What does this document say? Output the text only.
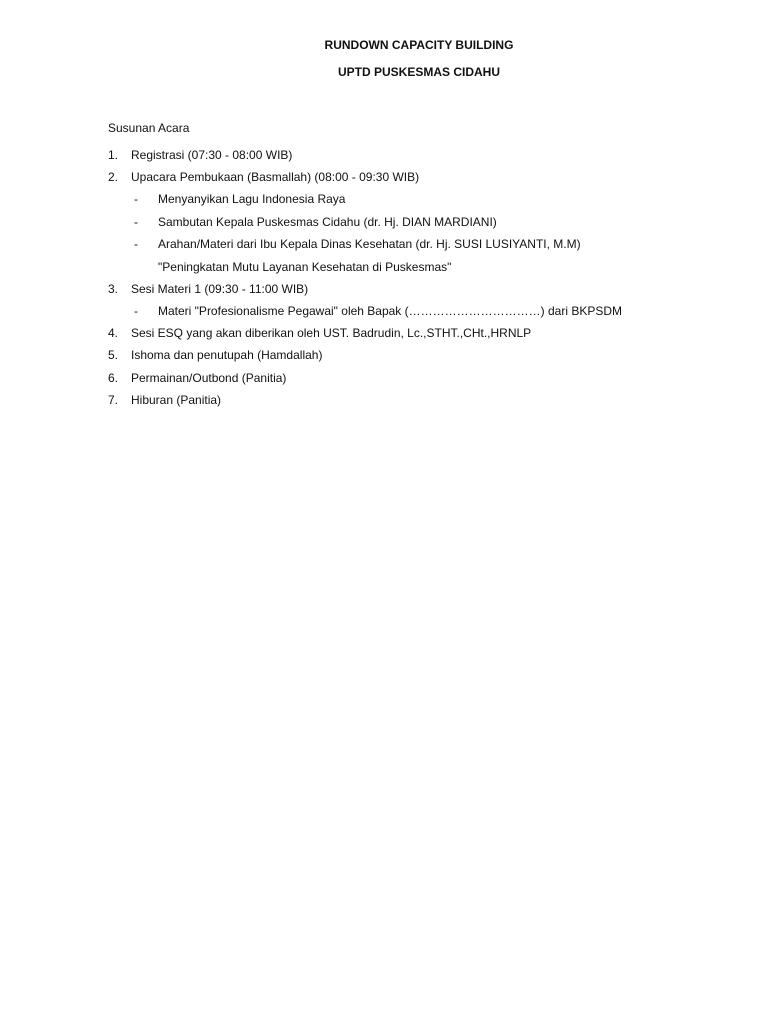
RUNDOWN CAPACITY BUILDING
UPTD PUSKESMAS CIDAHU
Susunan Acara
1. Registrasi (07:30 - 08:00 WIB)
2. Upacara Pembukaan (Basmallah) (08:00 - 09:30 WIB)
- Menyanyikan Lagu Indonesia Raya
- Sambutan Kepala Puskesmas Cidahu (dr. Hj. DIAN MARDIANI)
- Arahan/Materi dari Ibu Kepala Dinas Kesehatan (dr. Hj. SUSI LUSIYANTI, M.M)
"Peningkatan Mutu Layanan Kesehatan di Puskesmas"
3. Sesi Materi 1 (09:30 - 11:00 WIB)
- Materi "Profesionalisme Pegawai" oleh Bapak (……………………………) dari BKPSDM
4. Sesi ESQ yang akan diberikan oleh UST. Badrudin, Lc.,STHT.,CHt.,HRNLP
5. Ishoma dan penutupah (Hamdallah)
6. Permainan/Outbond (Panitia)
7. Hiburan (Panitia)
